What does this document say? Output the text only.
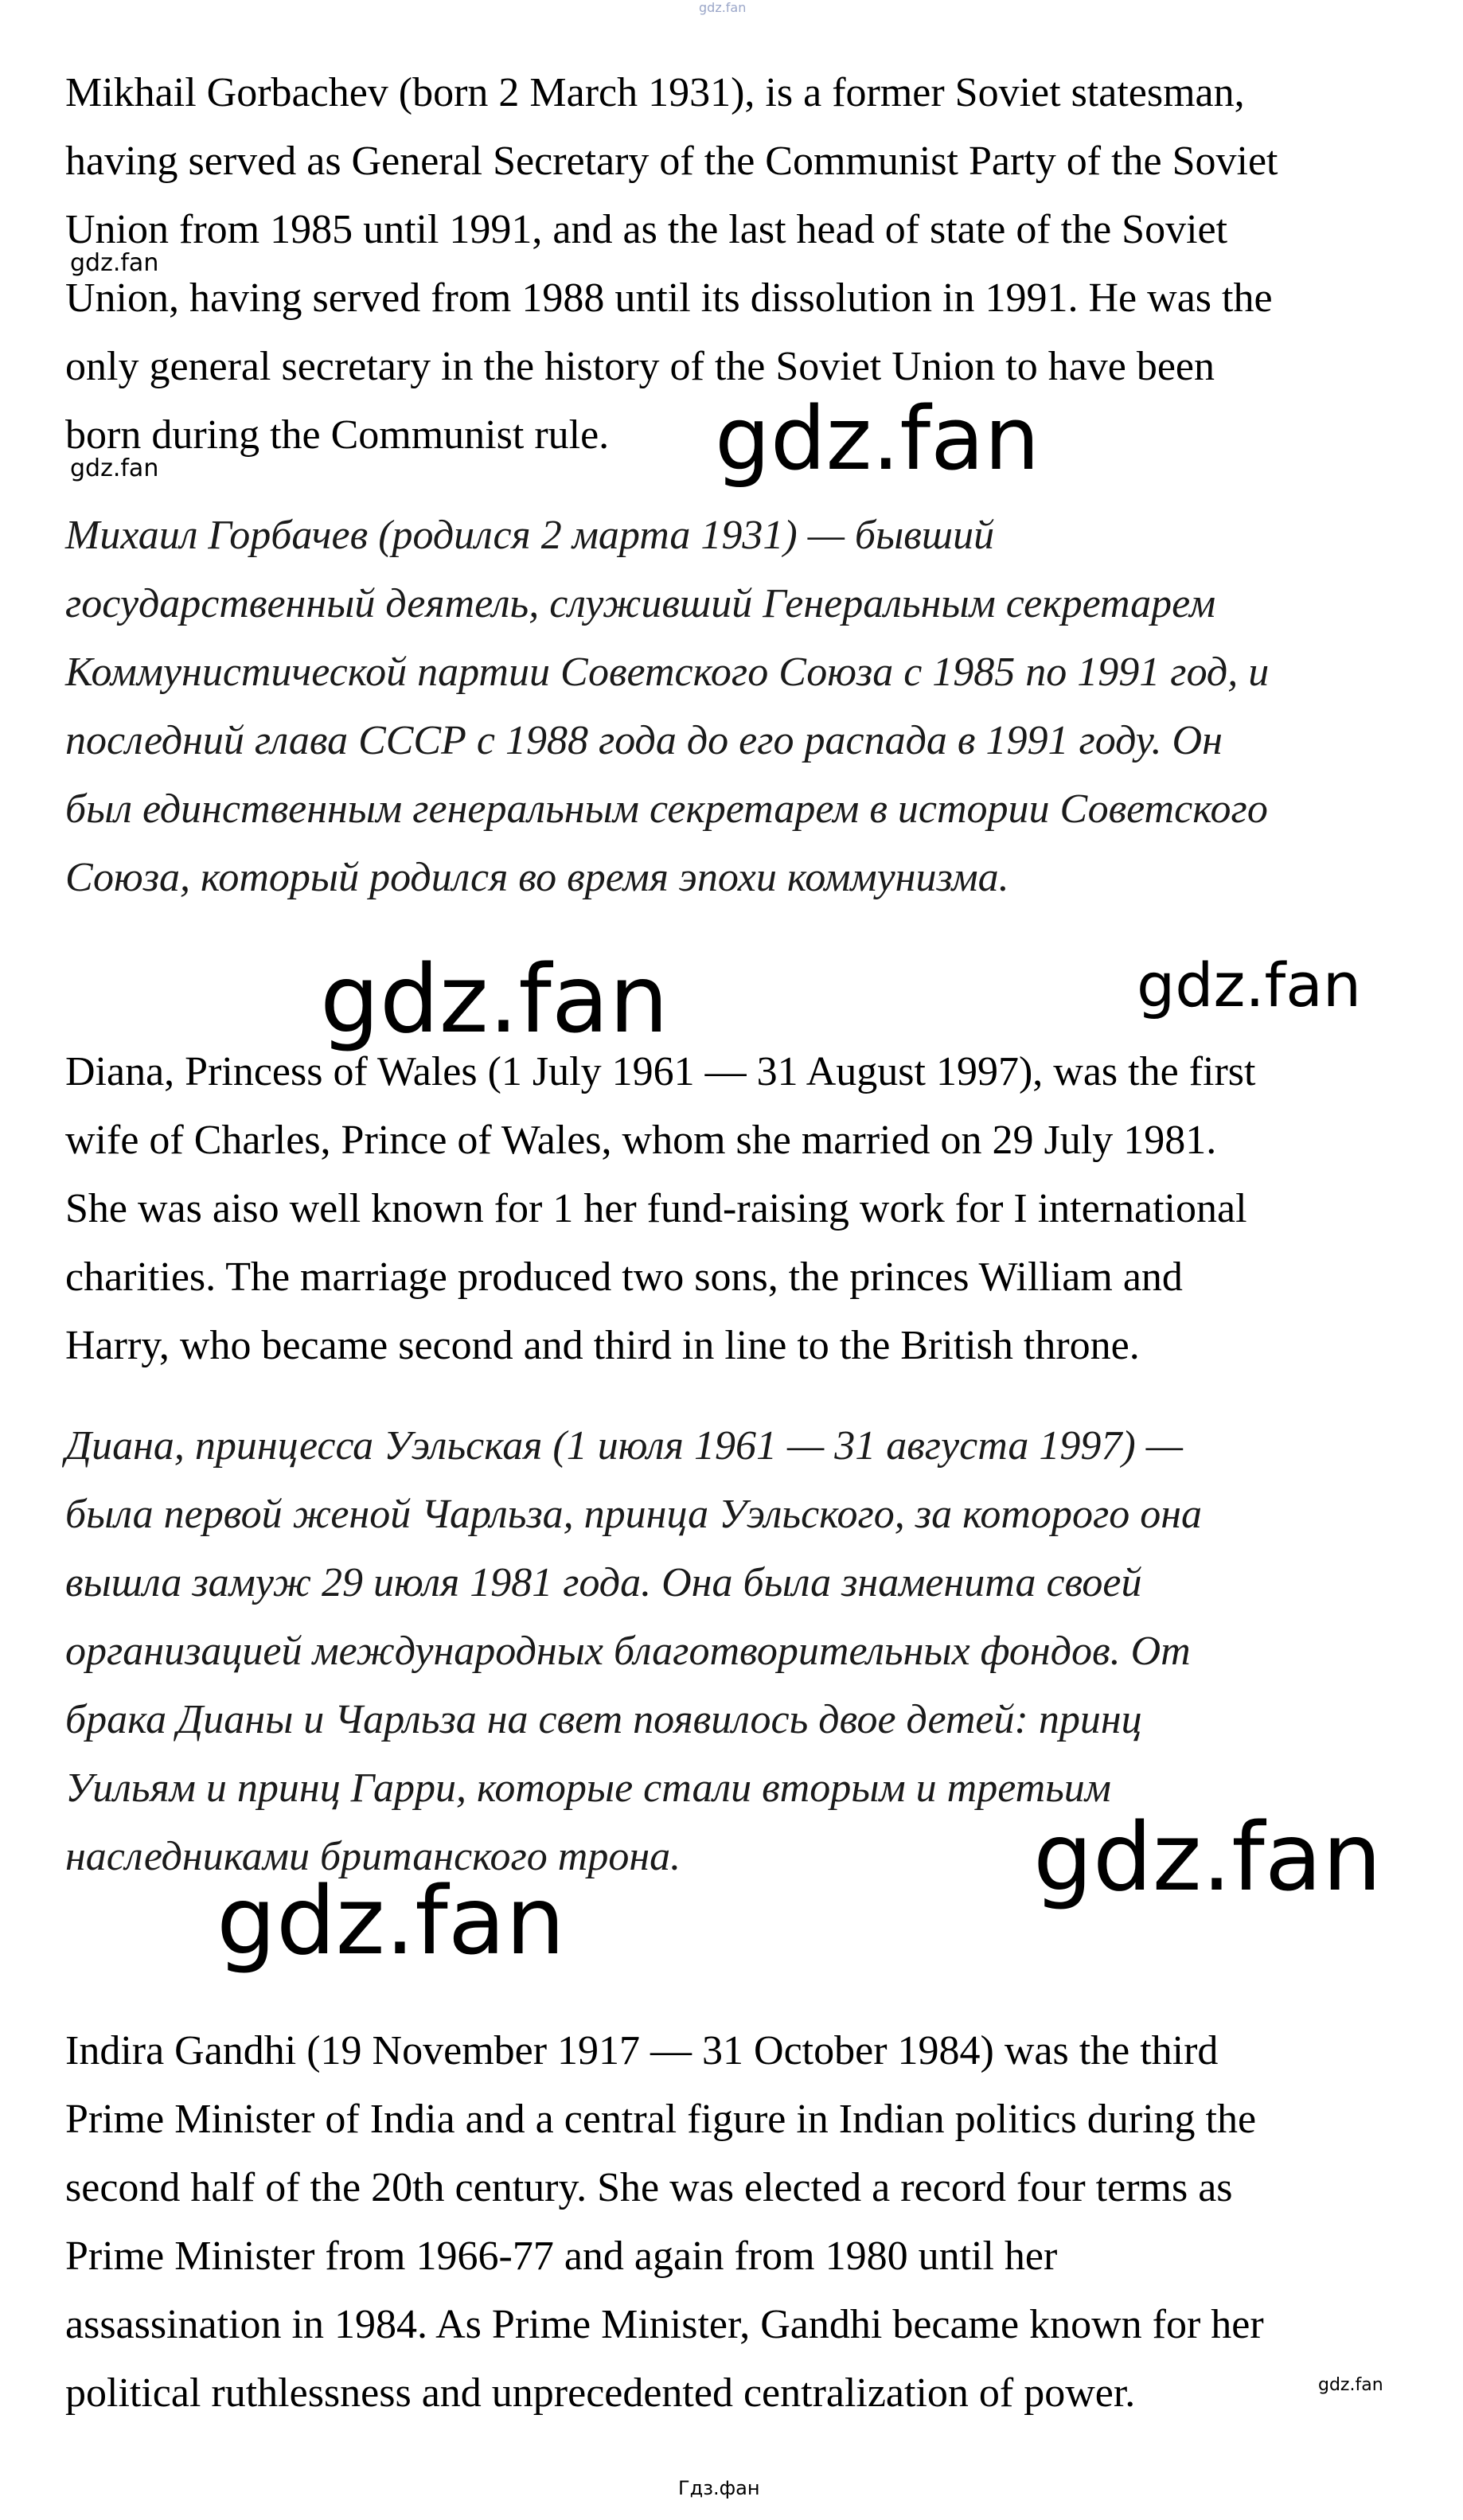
gdz.fan

Mikhail Gorbachev (born 2 March 1931), is a former Soviet statesman,
having served as General Secretary of the Communist Party of the Soviet
Union from 1985 until 1991, and as the last head of state of the Soviet
Union, having served from 1988 until its dissolution in 1991. He was the
only general secretary in the history of the Soviet Union to have been
born during the Communist rule.

gdz.fan
gdz.fan
gdz.fan

Михаил Горбачев (родился 2 марта 1931) — бывший
государственный деятель, служивший Генеральным секретарем
Коммунистической партии Советского Союза с 1985 по 1991 год, и
последний глава СССР с 1988 года до его распада в 1991 году. Он
был единственным генеральным секретарем в истории Советского
Союза, который родился во время эпохи коммунизма.

gdz.fan	gdz.fan

Diana, Princess of Wales (1 July 1961 — 31 August 1997), was the first
wife of Charles, Prince of Wales, whom she married on 29 July 1981.
She was aiso well known for 1 her fund-raising work for I international
charities. The marriage produced two sons, the princes William and
Harry, who became second and third in line to the British throne.

Диана, принцесса Уэльская (1 июля 1961 — 31 августа 1997) —
была первой женой Чарльза, принца Уэльского, за которого она
вышла замуж 29 июля 1981 года. Она была знаменита своей
организацией международных благотворительных фондов. От
брака Дианы и Чарльза на свет появилось двое детей: принц
Уильям и принц Гарри, которые стали вторым и третьим
наследниками британского трона.	gdz.fan
gdz.fan

Indira Gandhi (19 November 1917 — 31 October 1984) was the third
Prime Minister of India and a central figure in Indian politics during the
second half of the 20th century. She was elected a record four terms as
Prime Minister from 1966-77 and again from 1980 until her
assassination in 1984. As Prime Minister, Gandhi became known for her
political ruthlessness and unprecedented centralization of power.	gdz.fan
Гдз.фан
